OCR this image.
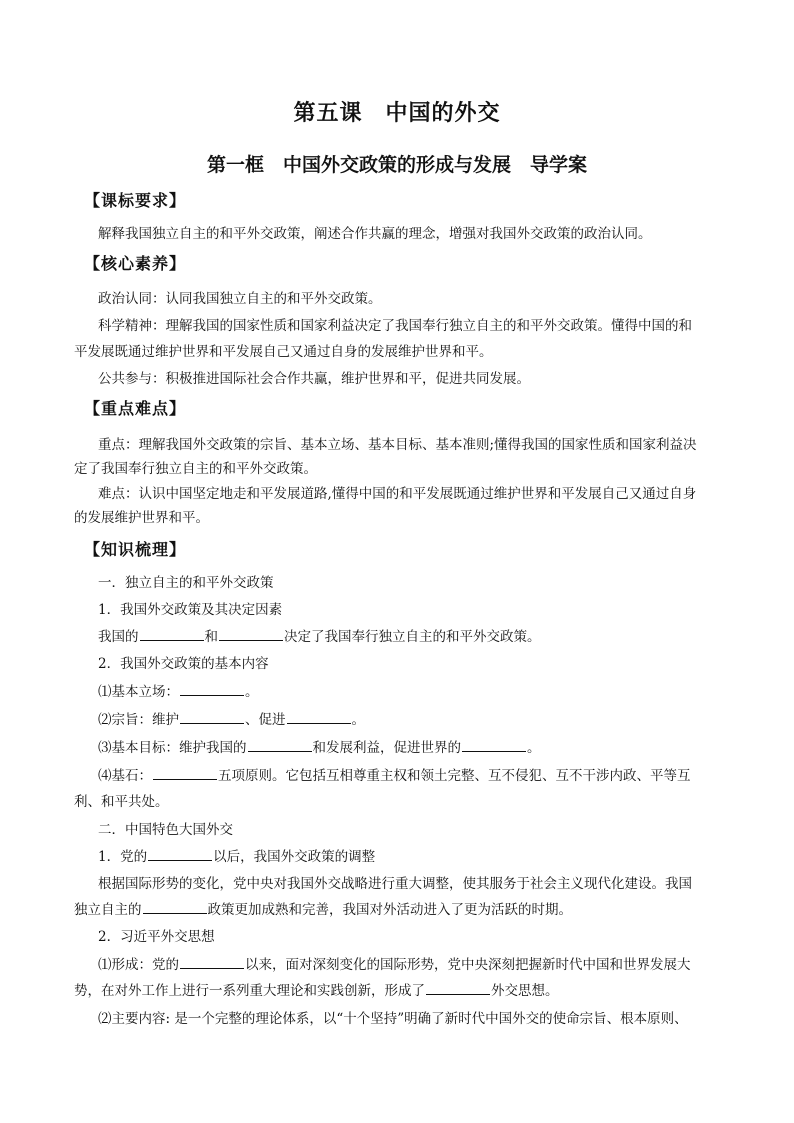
第五课　中国的外交
第一框　中国外交政策的形成与发展　导学案
【课标要求】
解释我国独立自主的和平外交政策，阐述合作共赢的理念，增强对我国外交政策的政治认同。
【核心素养】
政治认同：认同我国独立自主的和平外交政策。
科学精神：理解我国的国家性质和国家利益决定了我国奉行独立自主的和平外交政策。懂得中国的和
平发展既通过维护世界和平发展自己又通过自身的发展维护世界和平。
公共参与：积极推进国际社会合作共赢，维护世界和平，促进共同发展。
【重点难点】
重点：理解我国外交政策的宗旨、基本立场、基本目标、基本准则;懂得我国的国家性质和国家利益决
定了我国奉行独立自主的和平外交政策。
难点：认识中国坚定地走和平发展道路,懂得中国的和平发展既通过维护世界和平发展自己又通过自身
的发展维护世界和平。
【知识梳理】
一．独立自主的和平外交政策
1．我国外交政策及其决定因素
我国的	和	决定了我国奉行独立自主的和平外交政策。
2．我国外交政策的基本内容
⑴基本立场：	。
⑵宗旨：维护	、促进	。
⑶基本目标：维护我国的	和发展利益，促进世界的	。
⑷基石：	五项原则。它包括互相尊重主权和领土完整、互不侵犯、互不干涉内政、平等互
利、和平共处。
二．中国特色大国外交
1．党的	以后，我国外交政策的调整
根据国际形势的变化，党中央对我国外交战略进行重大调整，使其服务于社会主义现代化建设。我国
独立自主的	政策更加成熟和完善，我国对外活动进入了更为活跃的时期。
2．习近平外交思想
⑴形成：党的	以来，面对深刻变化的国际形势，党中央深刻把握新时代中国和世界发展大
势，在对外工作上进行一系列重大理论和实践创新，形成了	外交思想。
⑵主要内容: 是一个完整的理论体系，以“十个坚持”明确了新时代中国外交的使命宗旨、根本原则、
